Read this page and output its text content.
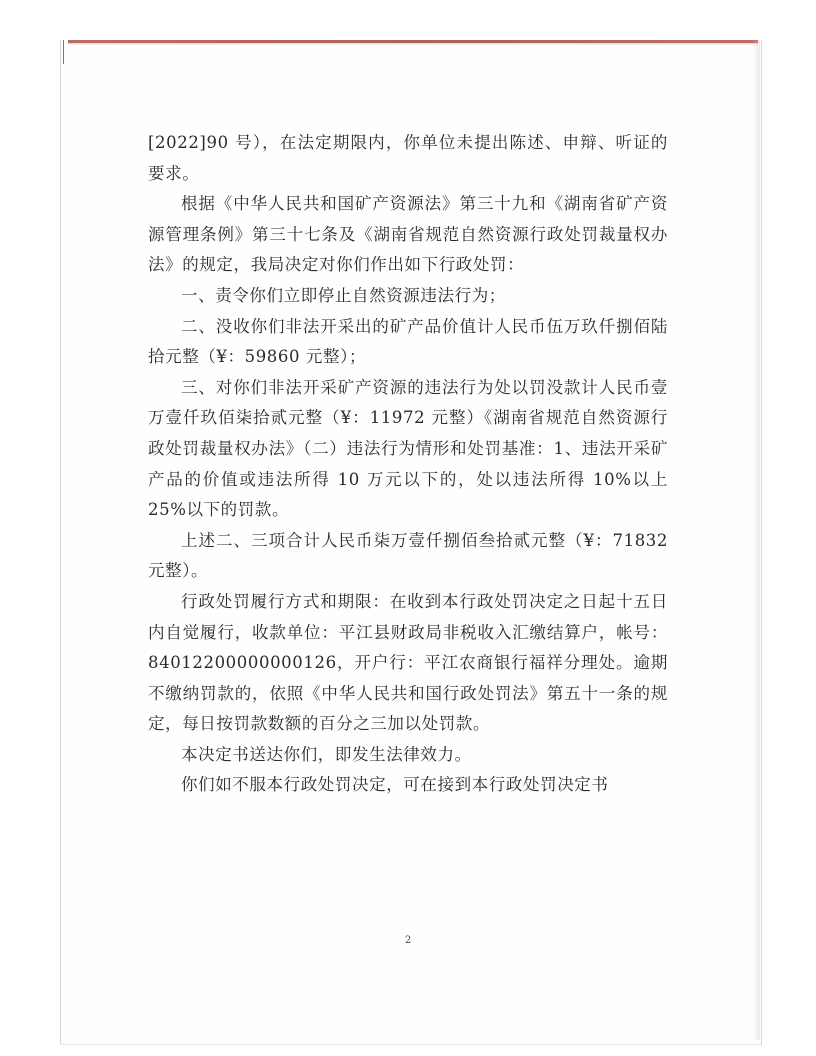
[2022]90 号），在法定期限内，你单位未提出陈述、申辩、听证的要求。

根据《中华人民共和国矿产资源法》第三十九和《湖南省矿产资源管理条例》第三十七条及《湖南省规范自然资源行政处罚裁量权办法》的规定，我局决定对你们作出如下行政处罚：

一、责令你们立即停止自然资源违法行为；

二、没收你们非法开采出的矿产品价值计人民币伍万玖仟捌佰陆拾元整（¥：59860 元整）；

三、对你们非法开采矿产资源的违法行为处以罚没款计人民币壹万壹仟玖佰柒拾贰元整（¥：11972 元整）《湖南省规范自然资源行政处罚裁量权办法》（二）违法行为情形和处罚基准：1、违法开采矿产品的价值或违法所得 10 万元以下的，处以违法所得 10%以上 25%以下的罚款。

上述二、三项合计人民币柒万壹仟捌佰叁拾贰元整（¥：71832 元整）。

行政处罚履行方式和期限：在收到本行政处罚决定之日起十五日内自觉履行，收款单位：平江县财政局非税收入汇缴结算户，帐号：84012200000000126，开户行：平江农商银行福祥分理处。逾期不缴纳罚款的，依照《中华人民共和国行政处罚法》第五十一条的规定，每日按罚款数额的百分之三加以处罚款。

本决定书送达你们，即发生法律效力。

你们如不服本行政处罚决定，可在接到本行政处罚决定书

2
